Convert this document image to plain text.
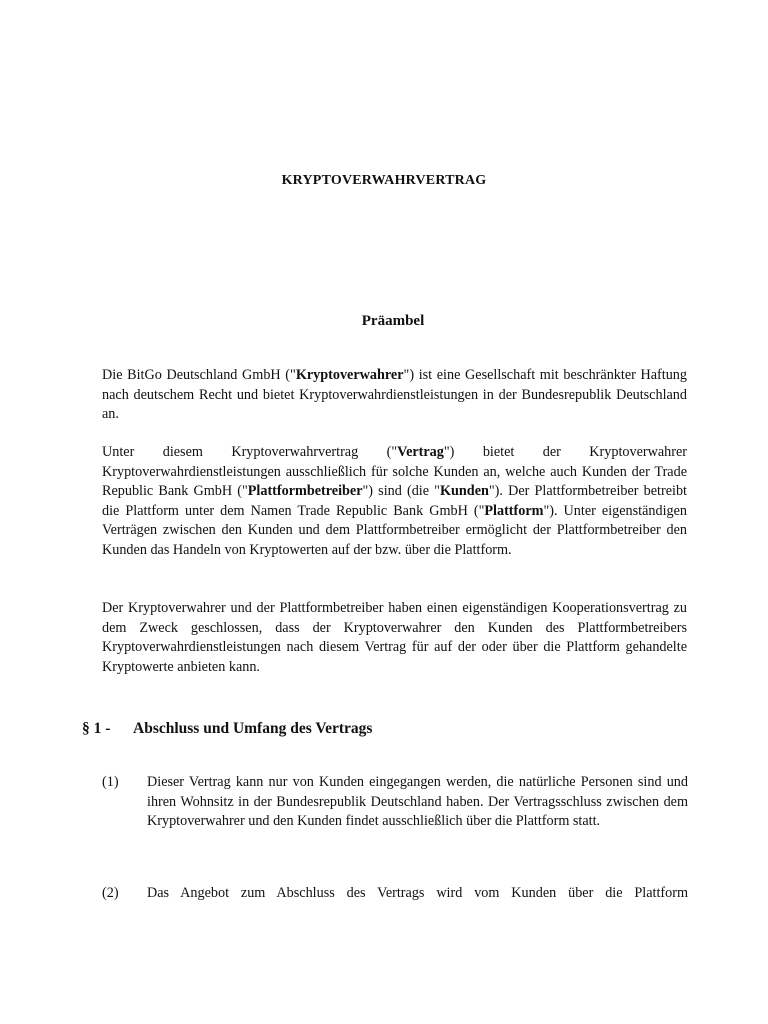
KRYPTOVERWAHRVERTRAG
Präambel

Die BitGo Deutschland GmbH ("Kryptoverwahrer") ist eine Gesellschaft mit beschränkter Haftung nach deutschem Recht und bietet Kryptoverwahrdienstleistungen in der Bundesrepublik Deutschland an.

Unter diesem Kryptoverwahrvertrag ("Vertrag") bietet der Kryptoverwahrer Kryptoverwahrdienstleistungen ausschließlich für solche Kunden an, welche auch Kunden der Trade Republic Bank GmbH ("Plattformbetreiber") sind (die "Kunden"). Der Plattformbetreiber betreibt die Plattform unter dem Namen Trade Republic Bank GmbH ("Plattform"). Unter eigenständigen Verträgen zwischen den Kunden und dem Plattformbetreiber ermöglicht der Plattformbetreiber den Kunden das Handeln von Kryptowerten auf der bzw. über die Plattform.

Der Kryptoverwahrer und der Plattformbetreiber haben einen eigenständigen Kooperationsvertrag zu dem Zweck geschlossen, dass der Kryptoverwahrer den Kunden des Plattformbetreibers Kryptoverwahrdienstleistungen nach diesem Vertrag für auf der oder über die Plattform gehandelte Kryptowerte anbieten kann.

§ 1 - Abschluss und Umfang des Vertrags
(1) Dieser Vertrag kann nur von Kunden eingegangen werden, die natürliche Personen sind und ihren Wohnsitz in der Bundesrepublik Deutschland haben. Der Vertragsschluss zwischen dem Kryptoverwahrer und den Kunden findet ausschließlich über die Plattform statt.
(2) Das Angebot zum Abschluss des Vertrags wird vom Kunden über die Plattform
